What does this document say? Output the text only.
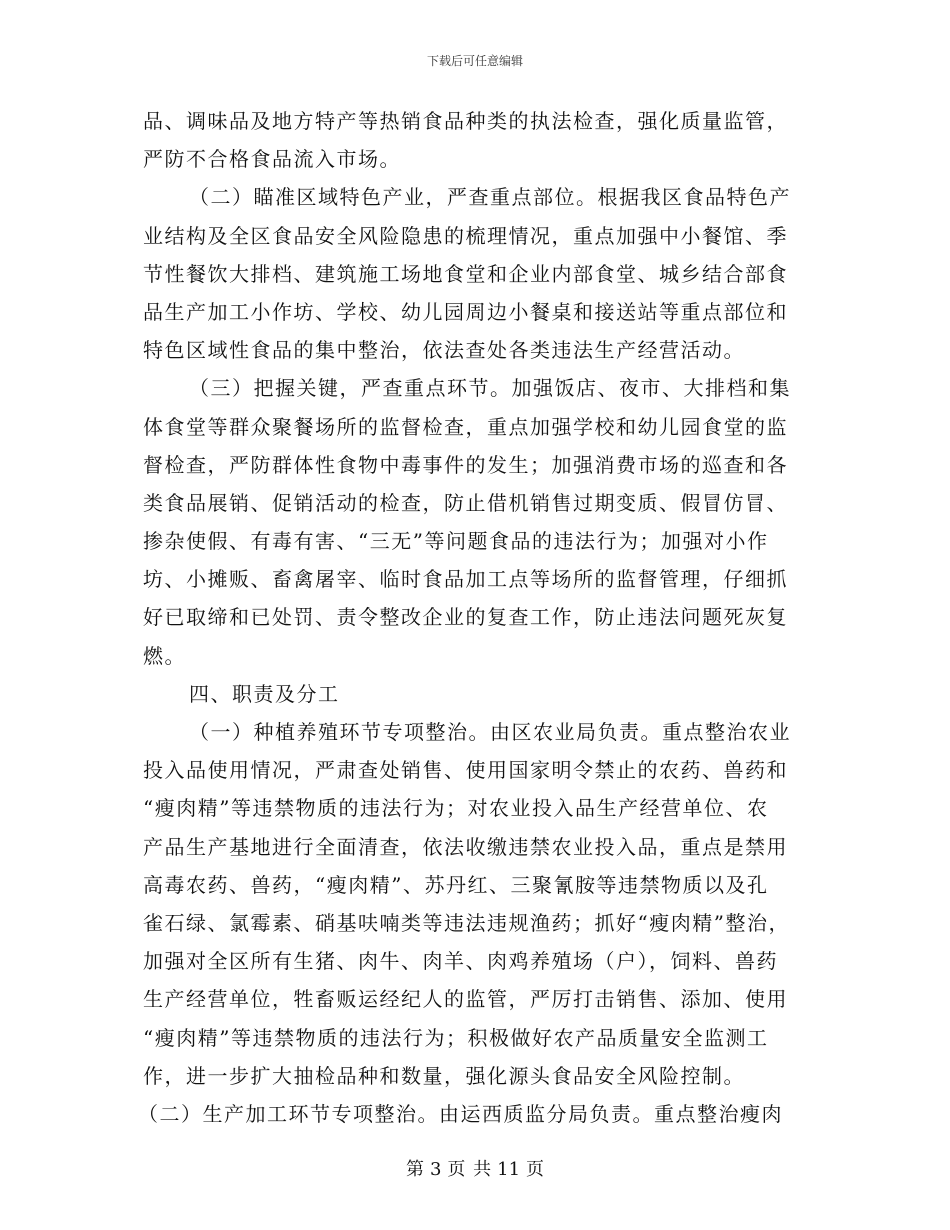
下载后可任意编辑
品、调味品及地方特产等热销食品种类的执法检查，强化质量监管，
严防不合格食品流入市场。
（二）瞄准区域特色产业，严查重点部位。根据我区食品特色产
业结构及全区食品安全风险隐患的梳理情况，重点加强中小餐馆、季
节性餐饮大排档、建筑施工场地食堂和企业内部食堂、城乡结合部食
品生产加工小作坊、学校、幼儿园周边小餐桌和接送站等重点部位和
特色区域性食品的集中整治，依法查处各类违法生产经营活动。
（三）把握关键，严查重点环节。加强饭店、夜市、大排档和集
体食堂等群众聚餐场所的监督检查，重点加强学校和幼儿园食堂的监
督检查，严防群体性食物中毒事件的发生；加强消费市场的巡查和各
类食品展销、促销活动的检查，防止借机销售过期变质、假冒仿冒、
掺杂使假、有毒有害、“三无”等问题食品的违法行为；加强对小作
坊、小摊贩、畜禽屠宰、临时食品加工点等场所的监督管理，仔细抓
好已取缔和已处罚、责令整改企业的复查工作，防止违法问题死灰复
燃。
四、职责及分工
（一）种植养殖环节专项整治。由区农业局负责。重点整治农业
投入品使用情况，严肃查处销售、使用国家明令禁止的农药、兽药和
“瘦肉精”等违禁物质的违法行为；对农业投入品生产经营单位、农
产品生产基地进行全面清查，依法收缴违禁农业投入品，重点是禁用
高毒农药、兽药，“瘦肉精”、苏丹红、三聚氰胺等违禁物质以及孔
雀石绿、氯霉素、硝基呋喃类等违法违规渔药；抓好“瘦肉精”整治，
加强对全区所有生猪、肉牛、肉羊、肉鸡养殖场（户），饲料、兽药
生产经营单位，牲畜贩运经纪人的监管，严厉打击销售、添加、使用
“瘦肉精”等违禁物质的违法行为；积极做好农产品质量安全监测工
作，进一步扩大抽检品种和数量，强化源头食品安全风险控制。
（二）生产加工环节专项整治。由运西质监分局负责。重点整治瘦肉
第 3 页 共 11 页
